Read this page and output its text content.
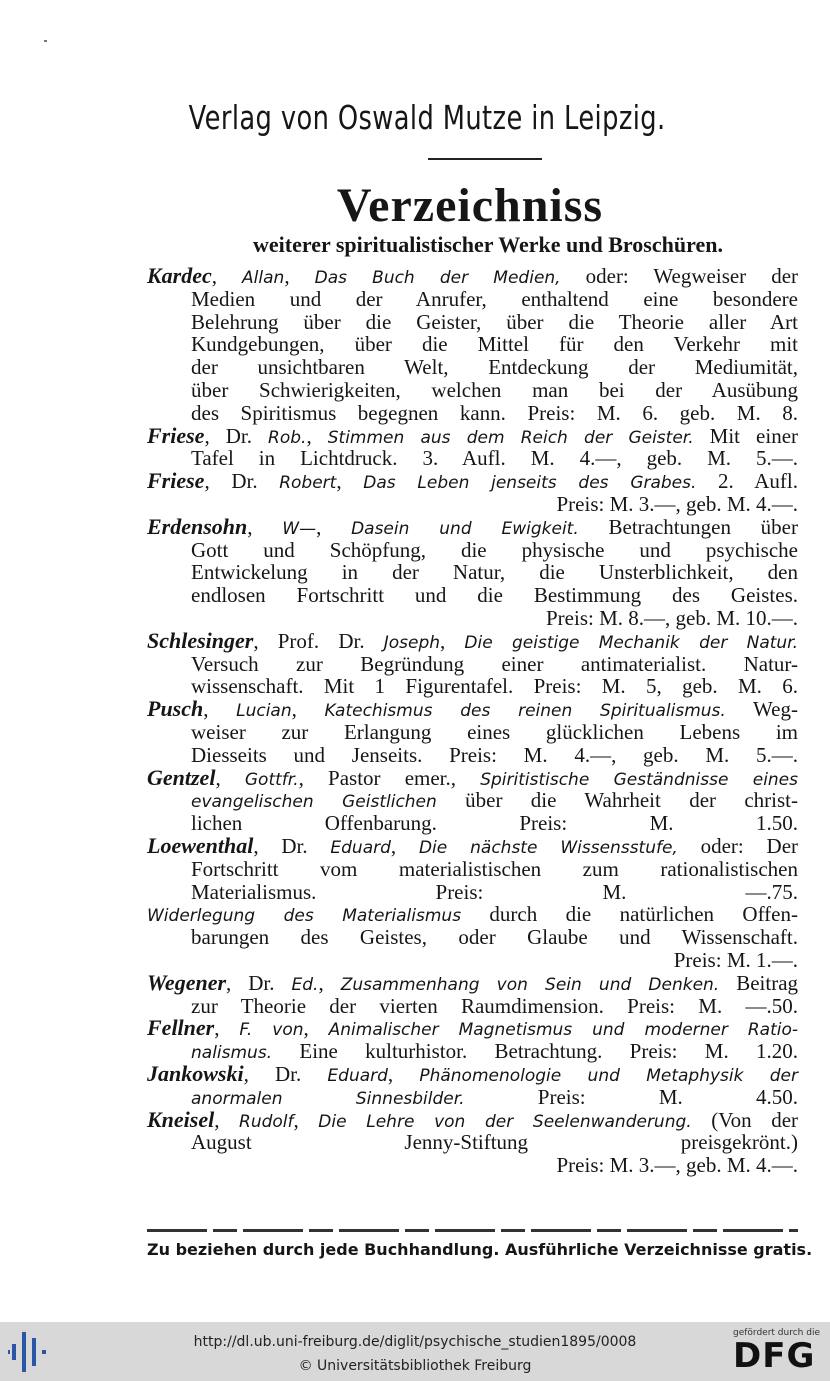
Verlag von Oswald Mutze in Leipzig.
Verzeichniss
weiterer spiritualistischer Werke und Broschüren.
Kardec, Allan, Das Buch der Medien, oder: Wegweiser der
Medien und der Anrufer, enthaltend eine besondere
Belehrung über die Geister, über die Theorie aller Art
Kundgebungen, über die Mittel für den Verkehr mit
der unsichtbaren Welt, Entdeckung der Mediumität,
über Schwierigkeiten, welchen man bei der Ausübung
des Spiritismus begegnen kann. Preis: M. 6. geb. M. 8.
Friese, Dr. Rob., Stimmen aus dem Reich der Geister. Mit einer
Tafel in Lichtdruck. 3. Aufl. M. 4.—, geb. M. 5.—.
Friese, Dr. Robert, Das Leben jenseits des Grabes. 2. Aufl.
Preis: M. 3.—, geb. M. 4.—.
Erdensohn, W—, Dasein und Ewigkeit. Betrachtungen über
Gott und Schöpfung, die physische und psychische
Entwickelung in der Natur, die Unsterblichkeit, den
endlosen Fortschritt und die Bestimmung des Geistes.
Preis: M. 8.—, geb. M. 10.—.
Schlesinger, Prof. Dr. Joseph, Die geistige Mechanik der Natur.
Versuch zur Begründung einer antimaterialist. Natur-
wissenschaft. Mit 1 Figurentafel. Preis: M. 5, geb. M. 6.
Pusch, Lucian, Katechismus des reinen Spiritualismus. Weg-
weiser zur Erlangung eines glücklichen Lebens im
Diesseits und Jenseits. Preis: M. 4.—, geb. M. 5.—.
Gentzel, Gottfr., Pastor emer., Spiritistische Geständnisse eines
evangelischen Geistlichen über die Wahrheit der christ-
lichen Offenbarung. Preis: M. 1.50.
Loewenthal, Dr. Eduard, Die nächste Wissensstufe, oder: Der
Fortschritt vom materialistischen zum rationalistischen
Materialismus. Preis: M. —.75.
Widerlegung des Materialismus durch die natürlichen Offen-
barungen des Geistes, oder Glaube und Wissenschaft.
Preis: M. 1.—.
Wegener, Dr. Ed., Zusammenhang von Sein und Denken. Beitrag
zur Theorie der vierten Raumdimension. Preis: M. —.50.
Fellner, F. von, Animalischer Magnetismus und moderner Ratio-
nalismus. Eine kulturhistor. Betrachtung. Preis: M. 1.20.
Jankowski, Dr. Eduard, Phänomenologie und Metaphysik der
anormalen Sinnesbilder. Preis: M. 4.50.
Kneisel, Rudolf, Die Lehre von der Seelenwanderung. (Von der
August Jenny-Stiftung preisgekrönt.)
Preis: M. 3.—, geb. M. 4.—.
Zu beziehen durch jede Buchhandlung. Ausführliche Verzeichnisse gratis.
http://dl.ub.uni-freiburg.de/diglit/psychische_studien1895/0008
© Universitätsbibliothek Freiburg
gefördert durch die
DFG
